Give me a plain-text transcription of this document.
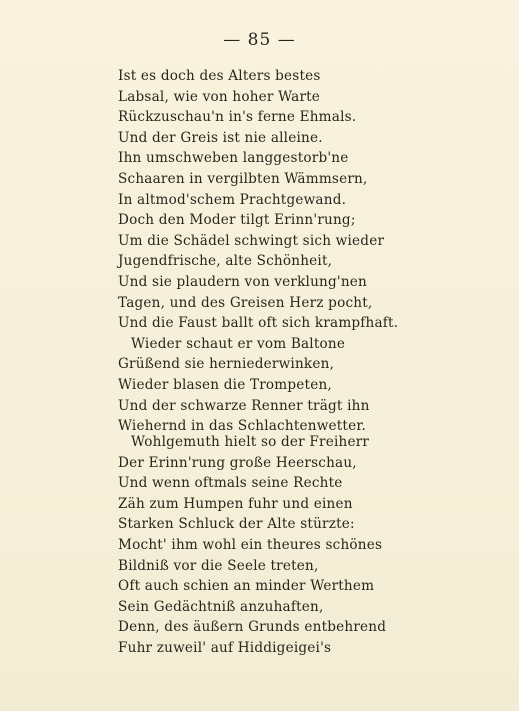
— 85 —
Ist es doch des Alters bestes
Labsal, wie von hoher Warte
Rückzuschau'n in's ferne Ehmals.
Und der Greis ist nie alleine.
Ihn umschweben langgestorb'ne
Schaaren in vergilbten Wämmsern,
In altmod'schem Prachtgewand.
Doch den Moder tilgt Erinn'rung;
Um die Schädel schwingt sich wieder
Jugendfrische, alte Schönheit,
Und sie plaudern von verklung'nen
Tagen, und des Greisen Herz pocht,
Und die Faust ballt oft sich krampfhaft.
Wieder schaut er vom Baltone
Grüßend sie herniederwinken,
Wieder blasen die Trompeten,
Und der schwarze Renner trägt ihn
Wiehernd in das Schlachtenwetter.
Wohlgemuth hielt so der Freiherr
Der Erinn'rung große Heerschau,
Und wenn oftmals seine Rechte
Zäh zum Humpen fuhr und einen
Starken Schluck der Alte stürzte:
Mocht' ihm wohl ein theures schönes
Bildniß vor die Seele treten,
Oft auch schien an minder Werthem
Sein Gedächtniß anzuhaften,
Denn, des äußern Grunds entbehrend
Fuhr zuweil' auf Hiddigeigei's
